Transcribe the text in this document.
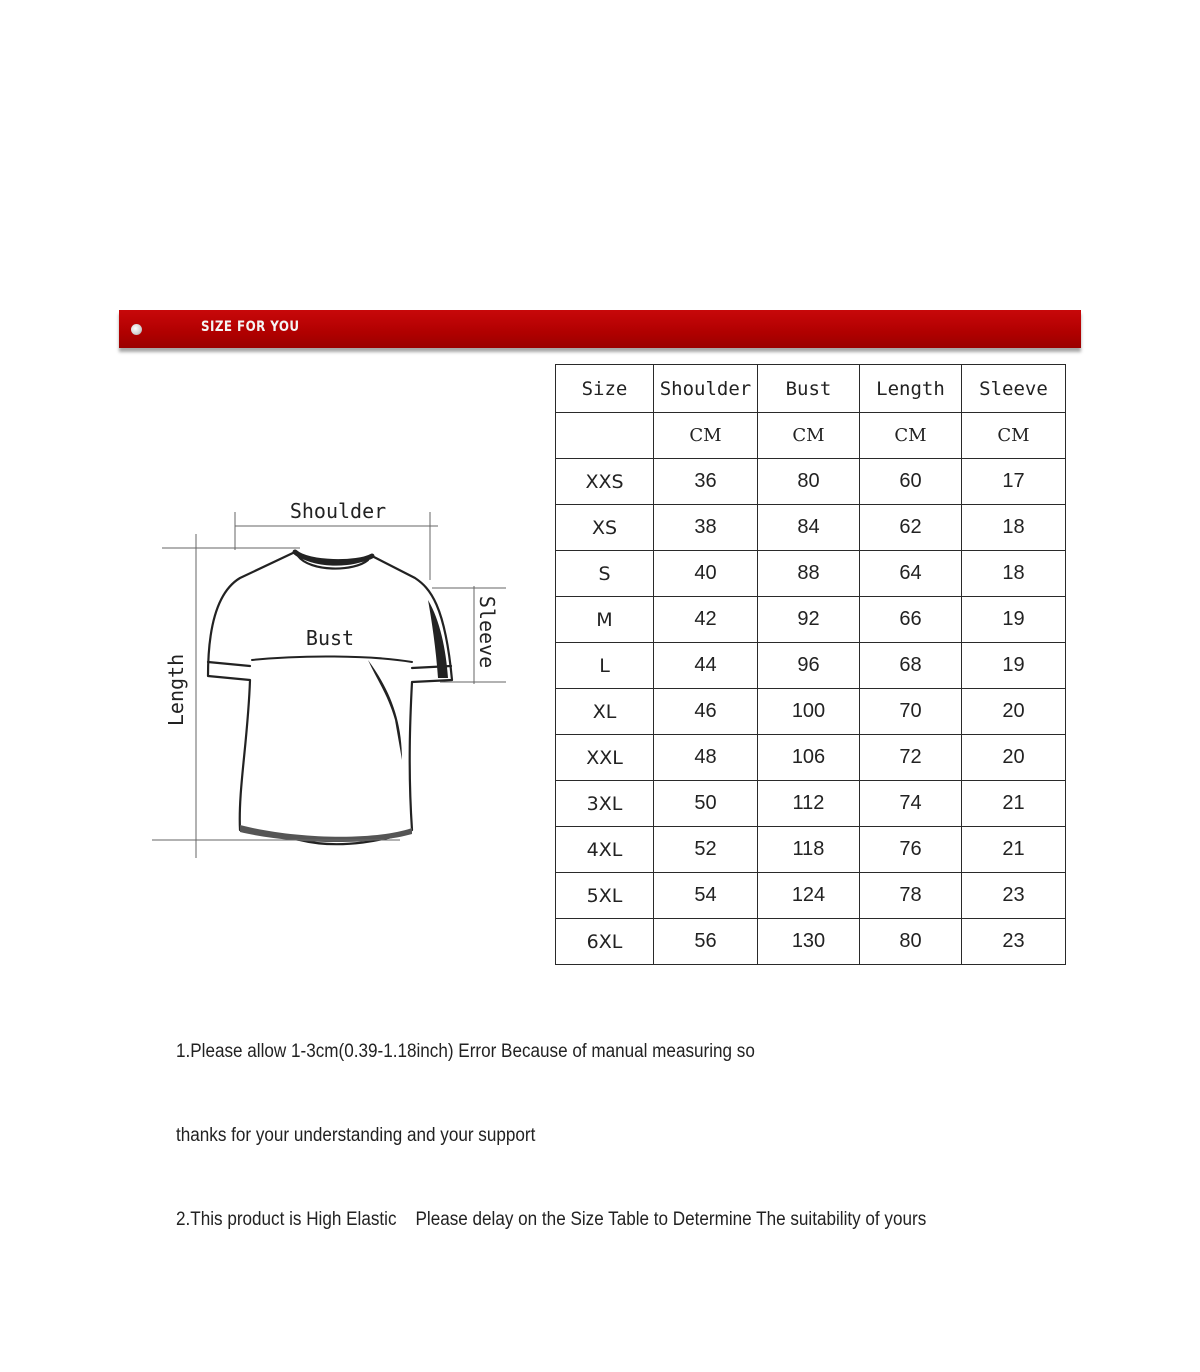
SIZE FOR YOU
Shoulder
Bust
Length
Sleeve
Size	Shoulder	Bust	Length	Sleeve
	CM	CM	CM	CM
XXS	36	80	60	17
XS	38	84	62	18
S	40	88	64	18
M	42	92	66	19
L	44	96	68	19
XL	46	100	70	20
XXL	48	106	72	20
3XL	50	112	74	21
4XL	52	118	76	21
5XL	54	124	78	23
6XL	56	130	80	23

1.Please allow 1-3cm(0.39-1.18inch) Error Because of manual measuring so

thanks for your understanding and your support

2.This product is High Elastic    Please delay on the Size Table to Determine The suitability of yours
